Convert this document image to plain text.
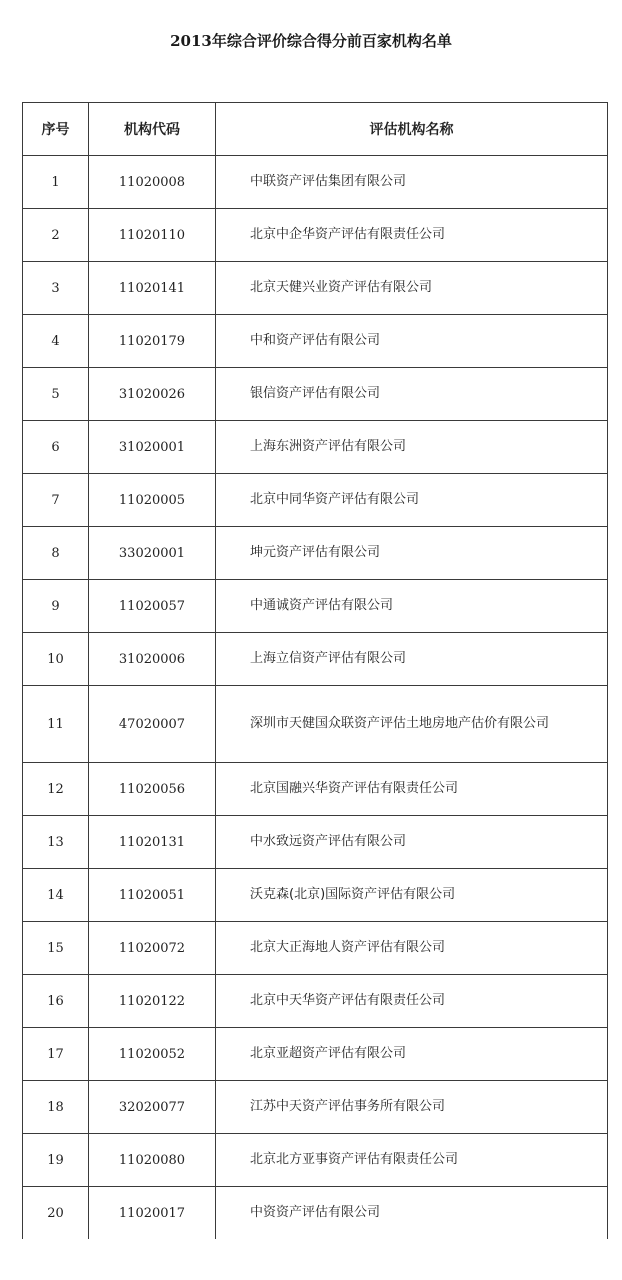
2013年综合评价综合得分前百家机构名单
序号	机构代码	评估机构名称
1	11020008	中联资产评估集团有限公司
2	11020110	北京中企华资产评估有限责任公司
3	11020141	北京天健兴业资产评估有限公司
4	11020179	中和资产评估有限公司
5	31020026	银信资产评估有限公司
6	31020001	上海东洲资产评估有限公司
7	11020005	北京中同华资产评估有限公司
8	33020001	坤元资产评估有限公司
9	11020057	中通诚资产评估有限公司
10	31020006	上海立信资产评估有限公司
11	47020007	深圳市天健国众联资产评估土地房地产估价有限公司
12	11020056	北京国融兴华资产评估有限责任公司
13	11020131	中水致远资产评估有限公司
14	11020051	沃克森(北京)国际资产评估有限公司
15	11020072	北京大正海地人资产评估有限公司
16	11020122	北京中天华资产评估有限责任公司
17	11020052	北京亚超资产评估有限公司
18	32020077	江苏中天资产评估事务所有限公司
19	11020080	北京北方亚事资产评估有限责任公司
20	11020017	中资资产评估有限公司
